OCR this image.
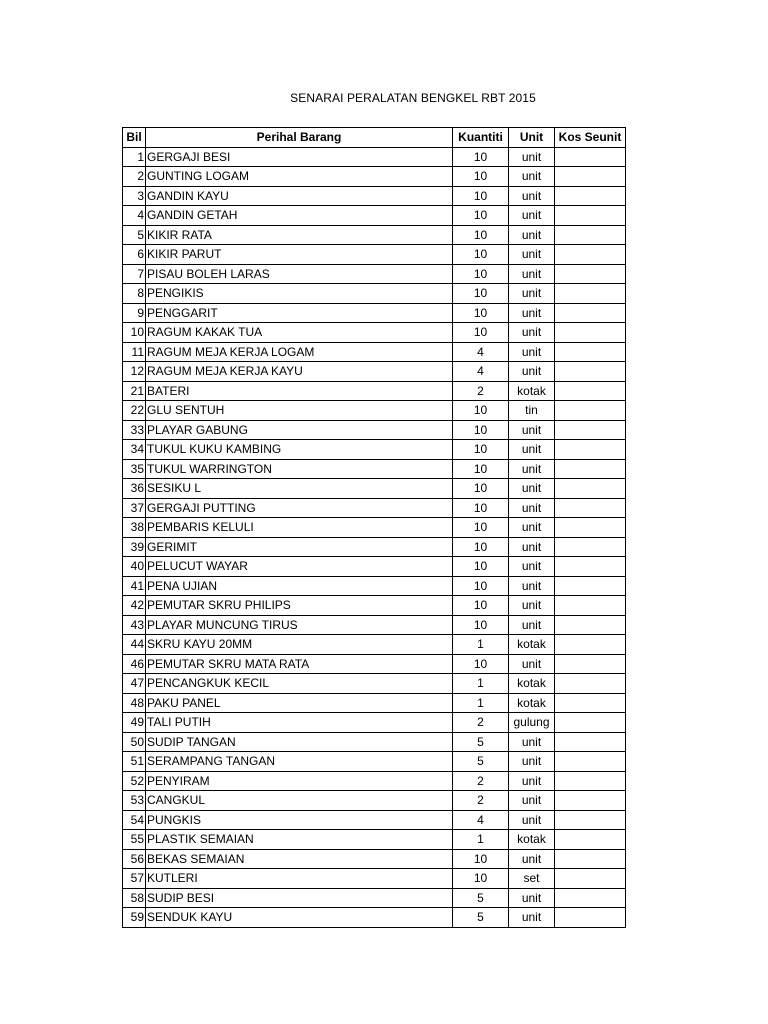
SENARAI PERALATAN BENGKEL RBT 2015
Bil	Perihal Barang	Kuantiti	Unit	Kos Seunit
1	GERGAJI BESI	10	unit	
2	GUNTING LOGAM	10	unit	
3	GANDIN KAYU	10	unit	
4	GANDIN GETAH	10	unit	
5	KIKIR RATA	10	unit	
6	KIKIR PARUT	10	unit	
7	PISAU BOLEH LARAS	10	unit	
8	PENGIKIS	10	unit	
9	PENGGARIT	10	unit	
10	RAGUM KAKAK TUA	10	unit	
11	RAGUM MEJA KERJA LOGAM	4	unit	
12	RAGUM MEJA KERJA KAYU	4	unit	
21	BATERI	2	kotak	
22	GLU SENTUH	10	tin	
33	PLAYAR GABUNG	10	unit	
34	TUKUL KUKU KAMBING	10	unit	
35	TUKUL WARRINGTON	10	unit	
36	SESIKU L	10	unit	
37	GERGAJI PUTTING	10	unit	
38	PEMBARIS KELULI	10	unit	
39	GERIMIT	10	unit	
40	PELUCUT WAYAR	10	unit	
41	PENA UJIAN	10	unit	
42	PEMUTAR SKRU PHILIPS	10	unit	
43	PLAYAR MUNCUNG TIRUS	10	unit	
44	SKRU KAYU 20MM	1	kotak	
46	PEMUTAR SKRU MATA RATA	10	unit	
47	PENCANGKUK KECIL	1	kotak	
48	PAKU PANEL	1	kotak	
49	TALI PUTIH	2	gulung	
50	SUDIP TANGAN	5	unit	
51	SERAMPANG TANGAN	5	unit	
52	PENYIRAM	2	unit	
53	CANGKUL	2	unit	
54	PUNGKIS	4	unit	
55	PLASTIK SEMAIAN	1	kotak	
56	BEKAS SEMAIAN	10	unit	
57	KUTLERI	10	set	
58	SUDIP BESI	5	unit	
59	SENDUK KAYU	5	unit	
